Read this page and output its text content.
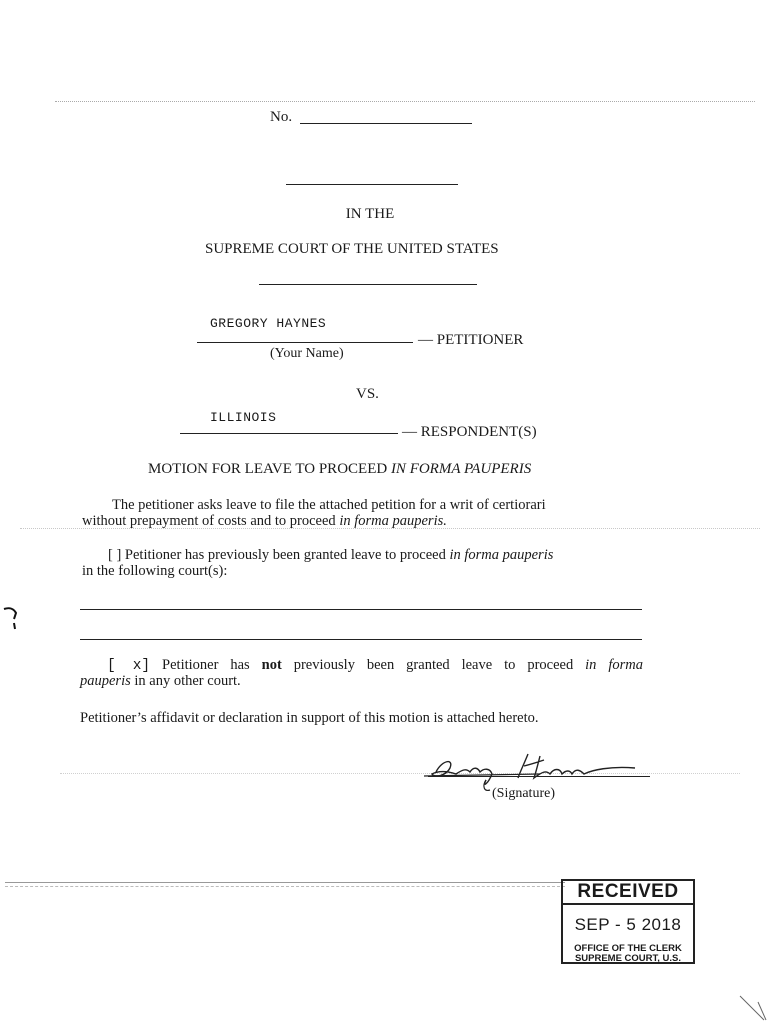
No.
IN THE
SUPREME COURT OF THE UNITED STATES
GREGORY HAYNES
— PETITIONER
(Your Name)
VS.
ILLINOIS
— RESPONDENT(S)
MOTION FOR LEAVE TO PROCEED IN FORMA PAUPERIS
The petitioner asks leave to file the attached petition for a writ of certiorari
without prepayment of costs and to proceed in forma pauperis.
[ ] Petitioner has previously been granted leave to proceed in forma pauperis
in the following court(s):
[ x] Petitioner has not previously been granted leave to proceed in forma
pauperis in any other court.
Petitioner’s affidavit or declaration in support of this motion is attached hereto.
(Signature)
RECEIVED
SEP - 5 2018
OFFICE OF THE CLERK
SUPREME COURT, U.S.
